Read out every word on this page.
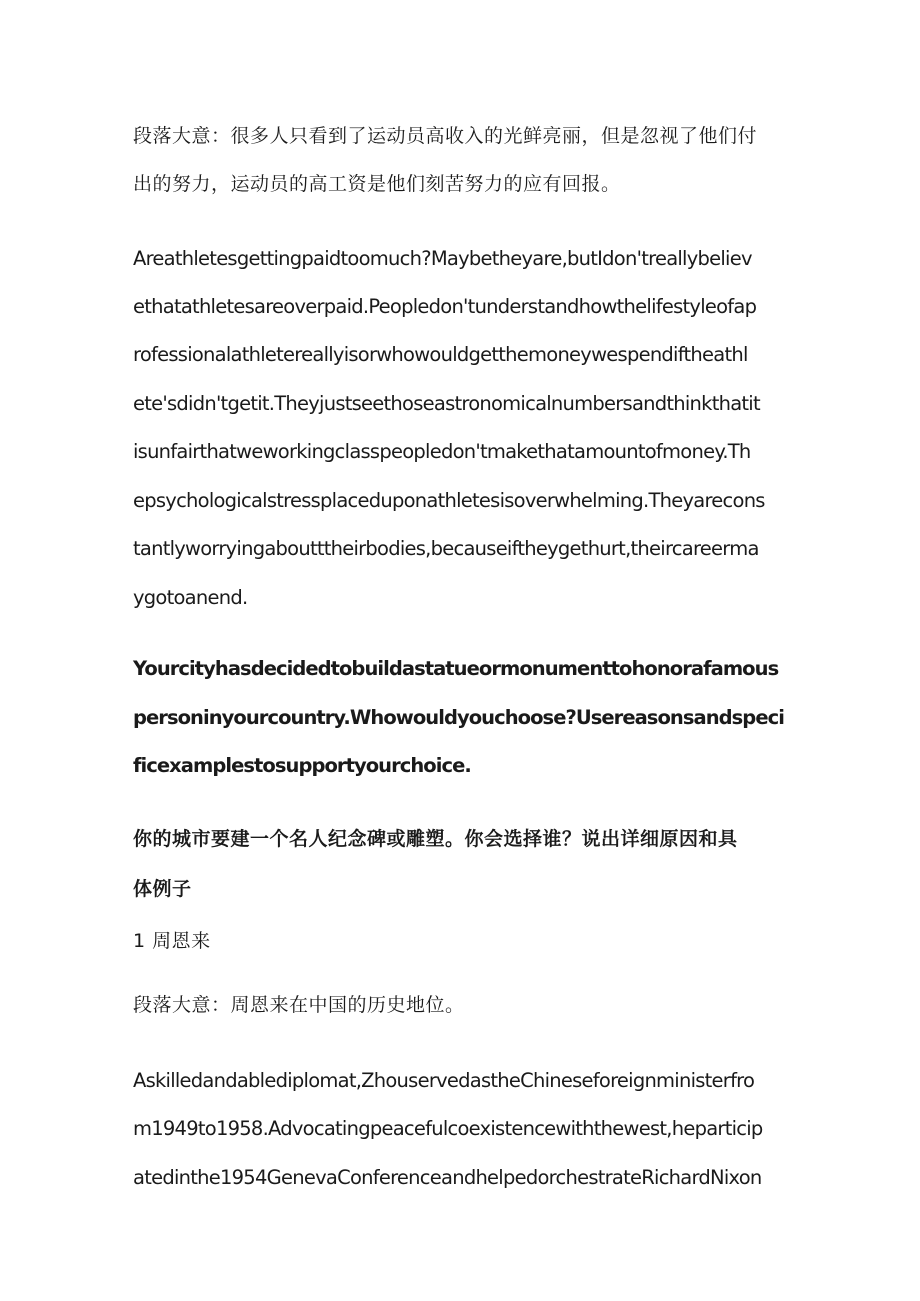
段落大意：很多人只看到了运动员高收入的光鲜亮丽，但是忽视了他们付
出的努力，运动员的高工资是他们刻苦努力的应有回报。
Areathletesgettingpaidtoomuch?Maybetheyare,butIdon'treallybeliev
ethatathletesareoverpaid.Peopledon'tunderstandhowthelifestyleofap
rofessionalathletereallyisorwhowouldgetthemoneywespendiftheathl
ete'sdidn'tgetit.Theyjustseethoseastronomicalnumbersandthinkthatit
isunfairthatweworkingclasspeopledon'tmakethatamountofmoney.Th
epsychologicalstressplaceduponathletesisoverwhelming.Theyarecons
tantlyworryingaboutttheirbodies,becauseiftheygethurt,theircareerma
ygotoanend.
Yourcityhasdecidedtobuildastatueormonumenttohonorafamous
personinyourcountry.Whowouldyouchoose?Usereasonsandspeci
ficexamplestosupportyourchoice.
你的城市要建一个名人纪念碑或雕塑。你会选择谁？说出详细原因和具
体例子
1 周恩来
段落大意：周恩来在中国的历史地位。
Askilledandablediplomat,ZhouservedastheChineseforeignministerfro
m1949to1958.Advocatingpeacefulcoexistencewiththewest,heparticip
atedinthe1954GenevaConferenceandhelpedorchestrateRichardNixon
